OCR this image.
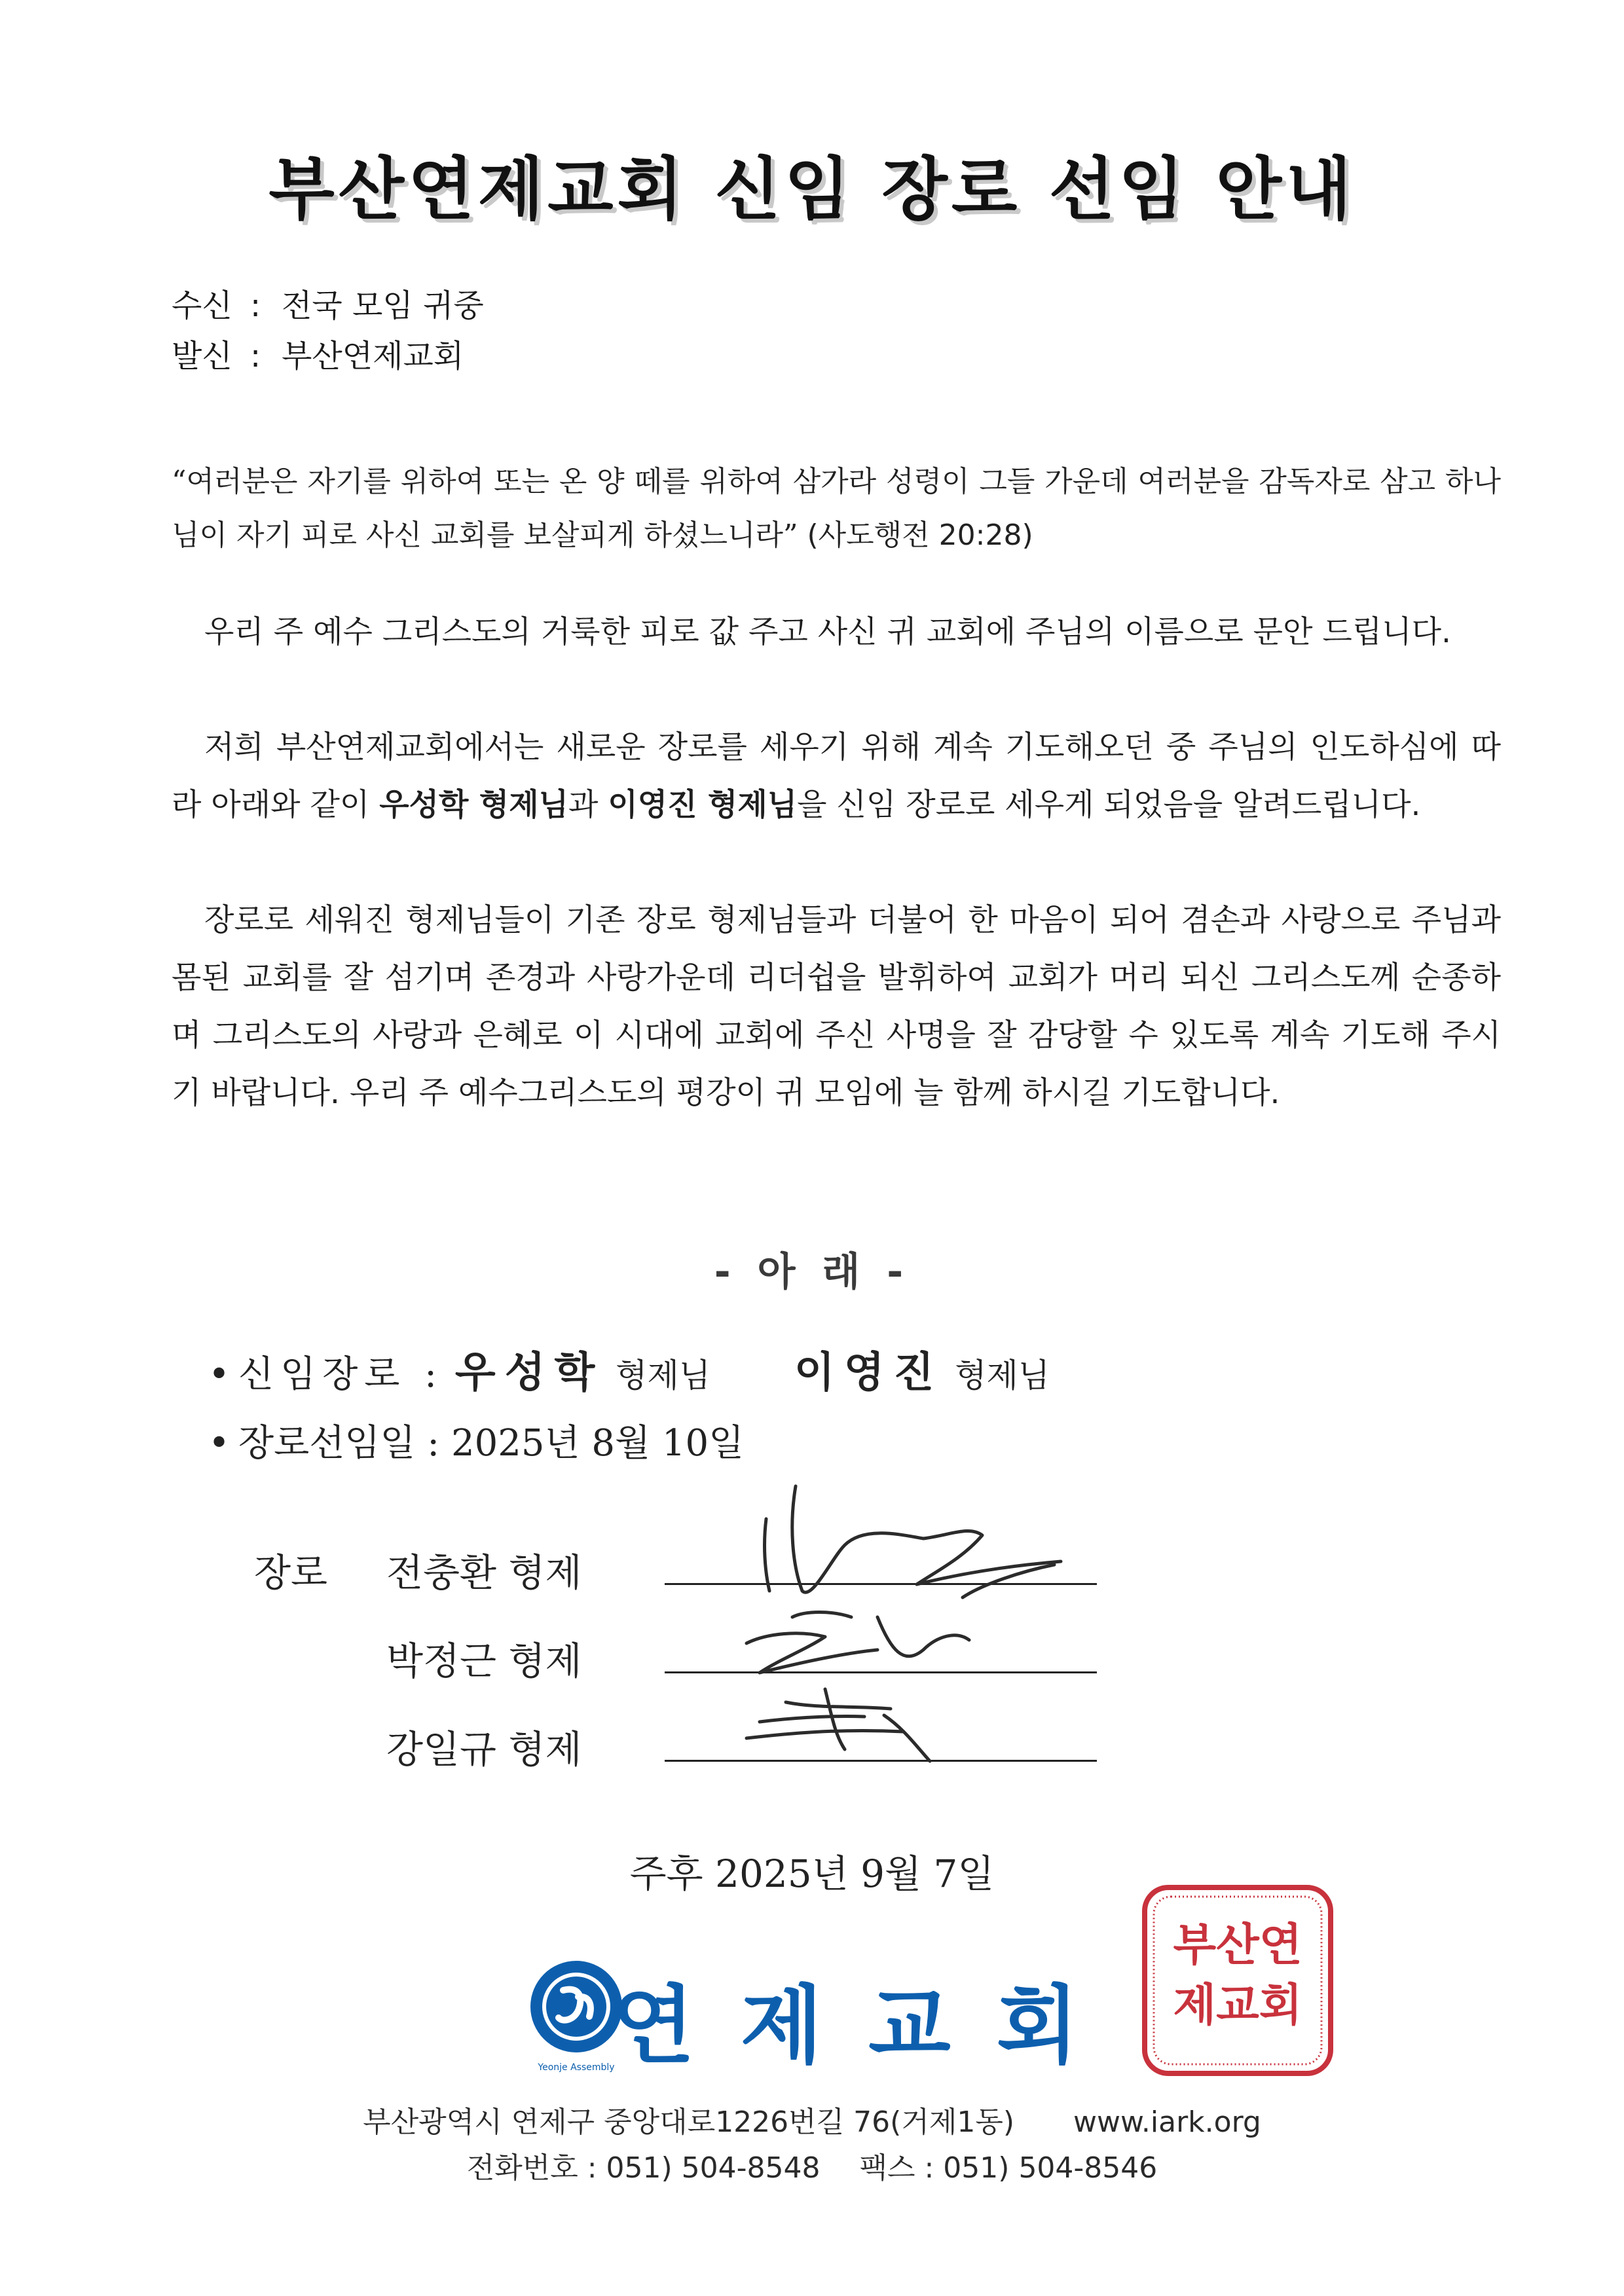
부산연제교회 신임 장로 선임 안내
수신 : 전국 모임 귀중
발신 : 부산연제교회
“여러분은 자기를 위하여 또는 온 양 떼를 위하여 삼가라 성령이 그들 가운데 여러분을 감독자로 삼고 하나님이 자기 피로 사신 교회를 보살피게 하셨느니라” (사도행전 20:28)
우리 주 예수 그리스도의 거룩한 피로 값 주고 사신 귀 교회에 주님의 이름으로 문안 드립니다.
저희 부산연제교회에서는 새로운 장로를 세우기 위해 계속 기도해오던 중 주님의 인도하심에 따라 아래와 같이 우성학 형제님과 이영진 형제님을 신임 장로로 세우게 되었음을 알려드립니다.
장로로 세워진 형제님들이 기존 장로 형제님들과 더불어 한 마음이 되어 겸손과 사랑으로 주님과 몸된 교회를 잘 섬기며 존경과 사랑가운데 리더쉽을 발휘하여 교회가 머리 되신 그리스도께 순종하며 그리스도의 사랑과 은혜로 이 시대에 교회에 주신 사명을 잘 감당할 수 있도록 계속 기도해 주시기 바랍니다. 우리 주 예수그리스도의 평강이 귀 모임에 늘 함께 하시길 기도합니다.
- 아 래 -
• 신임장로 : 우성학 형제님 이영진 형제님
• 장로선임일 : 2025년 8월 10일
장로 전충환 형제
박정근 형제
강일규 형제
주후 2025년 9월 7일
Yeonje Assembly
연제교회
부산연제교회
부산광역시 연제구 중앙대로1226번길 76(거제1동) www.iark.org
전화번호 : 051) 504-8548 팩스 : 051) 504-8546
